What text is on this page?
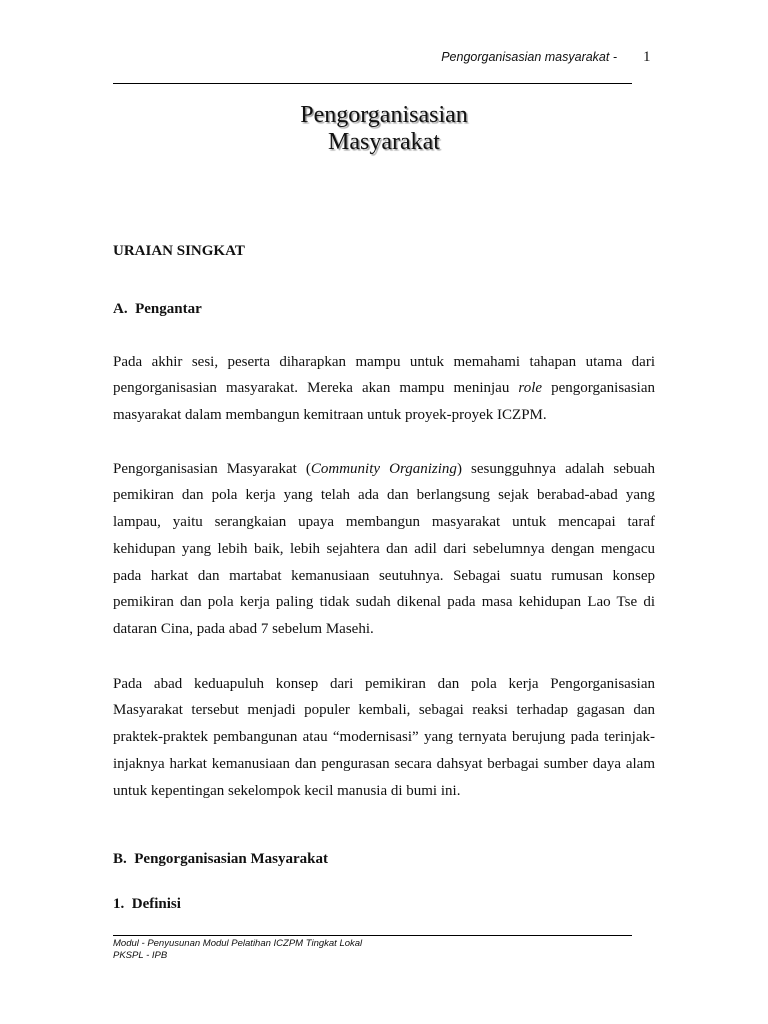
Pengorganisasian masyarakat - 1
Pengorganisasian
Masyarakat
URAIAN SINGKAT
A.  Pengantar
Pada akhir sesi, peserta diharapkan mampu untuk memahami tahapan utama dari
pengorganisasian masyarakat. Mereka akan mampu meninjau role pengorganisasian
masyarakat dalam membangun kemitraan untuk proyek-proyek ICZPM.
Pengorganisasian Masyarakat (Community Organizing) sesungguhnya adalah sebuah
pemikiran dan pola kerja yang telah ada dan berlangsung sejak berabad-abad yang
lampau, yaitu serangkaian upaya membangun masyarakat untuk mencapai taraf
kehidupan yang lebih baik, lebih sejahtera dan adil dari sebelumnya dengan mengacu
pada harkat dan martabat kemanusiaan seutuhnya. Sebagai suatu rumusan konsep
pemikiran dan pola kerja paling tidak sudah dikenal pada masa kehidupan Lao Tse di
dataran Cina, pada abad 7 sebelum Masehi.
Pada abad keduapuluh konsep dari pemikiran dan pola kerja Pengorganisasian
Masyarakat tersebut menjadi populer kembali, sebagai reaksi terhadap gagasan dan
praktek-praktek pembangunan atau “modernisasi” yang ternyata berujung pada terinjak-
injaknya harkat kemanusiaan dan pengurasan secara dahsyat berbagai sumber daya alam
untuk kepentingan sekelompok kecil manusia di bumi ini.
B.  Pengorganisasian Masyarakat
1.  Definisi
Modul - Penyusunan Modul Pelatihan ICZPM Tingkat Lokal
PKSPL - IPB
